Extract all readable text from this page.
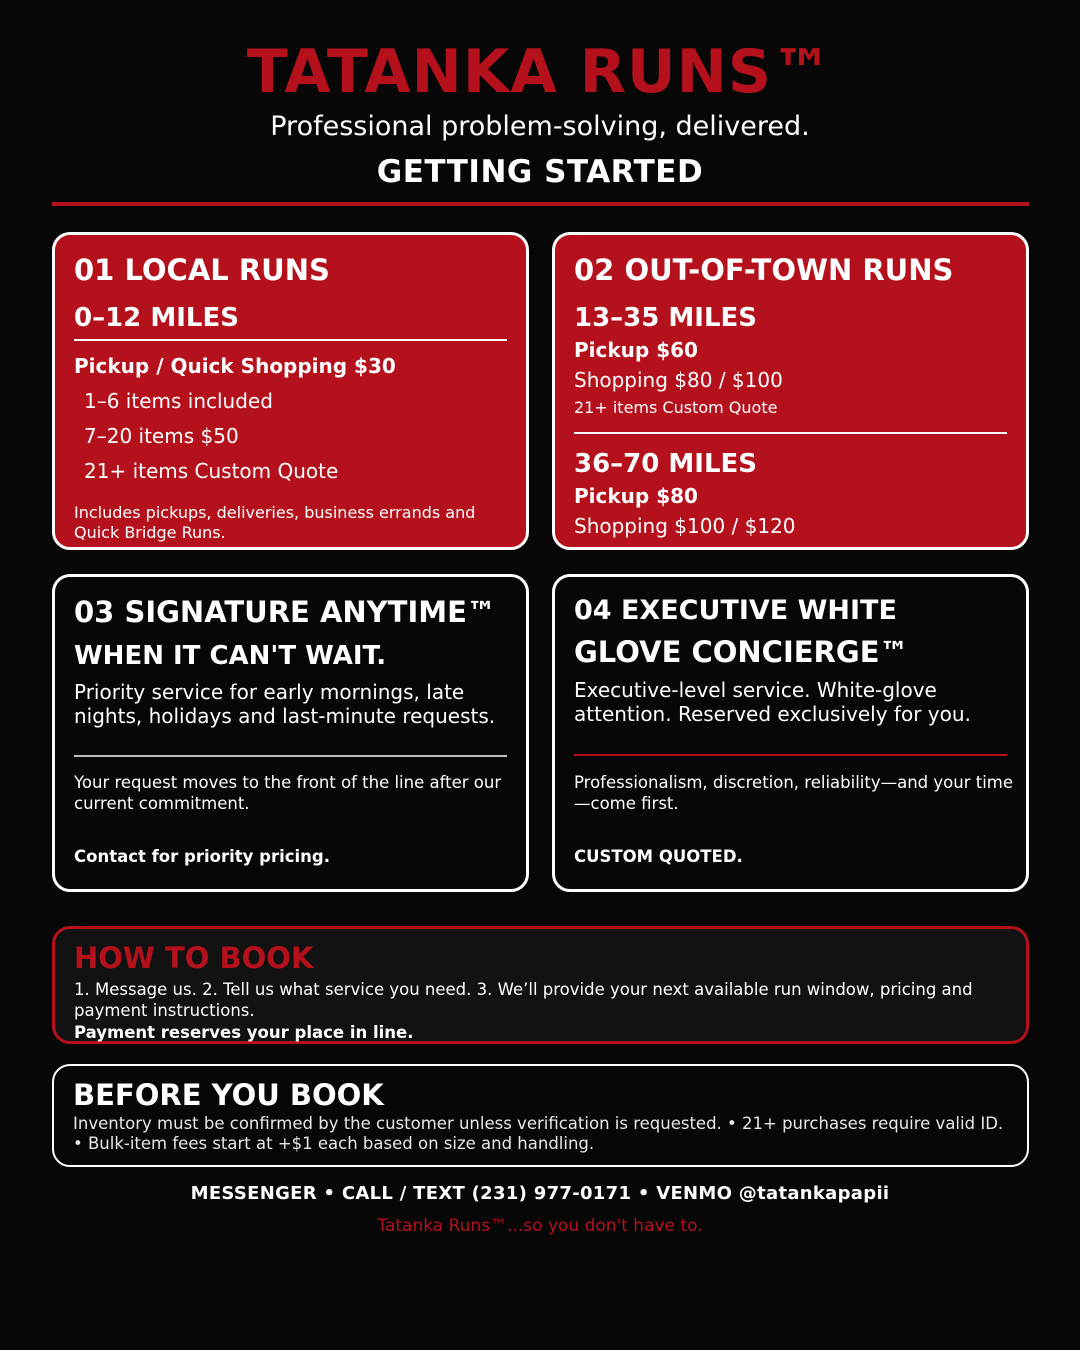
TATANKA RUNS™
Professional problem-solving, delivered.
GETTING STARTED
01 LOCAL RUNS
0–12 MILES
Pickup / Quick Shopping $30
1–6 items included
7–20 items $50
21+ items Custom Quote
Includes pickups, deliveries, business errands and Quick Bridge Runs.
02 OUT-OF-TOWN RUNS
13–35 MILES
Pickup $60
Shopping $80 / $100
21+ items Custom Quote
36–70 MILES
Pickup $80
Shopping $100 / $120
03 SIGNATURE ANYTIME™
WHEN IT CAN'T WAIT.
Priority service for early mornings, late nights, holidays and last-minute requests.
Your request moves to the front of the line after our current commitment.
Contact for priority pricing.
04 EXECUTIVE WHITE
GLOVE CONCIERGE™
Executive-level service. White-glove attention. Reserved exclusively for you.
Professionalism, discretion, reliability—and your time—come first.
CUSTOM QUOTED.
HOW TO BOOK
1. Message us. 2. Tell us what service you need. 3. We’ll provide your next available run window, pricing and payment instructions.
Payment reserves your place in line.
BEFORE YOU BOOK
Inventory must be confirmed by the customer unless verification is requested. • 21+ purchases require valid ID. • Bulk-item fees start at +$1 each based on size and handling.
MESSENGER • CALL / TEXT (231) 977-0171 • VENMO @tatankapapii
Tatanka Runs™...so you don't have to.
